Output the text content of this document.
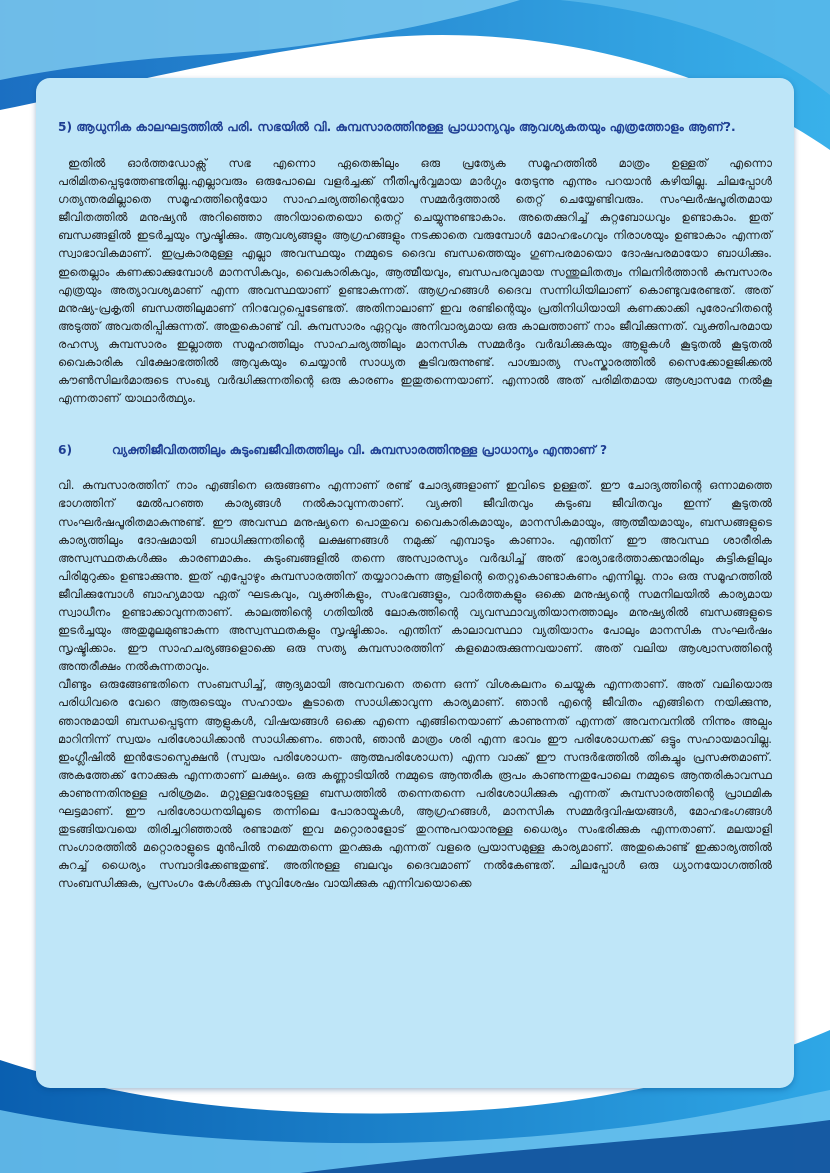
5) ആധുനിക കാലഘട്ടത്തിൽ പരി. സഭയിൽ വി. കുമ്പസാരത്തിനുള്ള പ്രാധാന്യവും ആവശ്യകതയും എത്രത്തോളം ആണ്?.

ഇതിൽ ഓർത്തഡോക്സ് സഭ എന്നൊ ഏതെങ്കിലും ഒരു പ്രത്യേക സമൂഹത്തിൽ മാത്രം ഉള്ളത് എന്നൊ പരിമിതപ്പെടുത്തേണ്ടതില്ല.എല്ലാവരും ഒരുപോലെ വളർച്ചക്ക് നീതിപൂർവ്വമായ മാർഗ്ഗം തേടുന്നു എന്നും പറയാൻ കഴിയില്ല. ചിലപ്പോൾ ഗത്യന്തരമില്ലാതെ സമൂഹത്തിന്റെയോ സാഹചര്യത്തിന്റെയോ സമ്മർദ്ദത്താൽ തെറ്റ് ചെയ്യേണ്ടിവരും. സംഘർഷപൂരിതമായ ജീവിതത്തിൽ മനുഷ്യൻ അറിഞ്ഞൊ അറിയാതെയൊ തെറ്റ് ചെയ്യുന്നുണ്ടാകാം. അതെക്കുറിച്ച് കുറ്റബോധവും ഉണ്ടാകാം. ഇത് ബന്ധങ്ങളിൽ ഇടർച്ചയും സൃഷ്ടിക്കും. ആവശ്യങ്ങളും ആഗ്രഹങ്ങളും നടക്കാതെ വരുമ്പോൾ മോഹഭംഗവും നിരാശയും ഉണ്ടാകാം എന്നത് സ്വാഭാവികമാണ്. ഇപ്രകാരമുള്ള എല്ലാ അവസ്ഥയും നമ്മുടെ ദൈവ ബന്ധത്തെയും ഗുണപരമായൊ ദോഷപരമായോ ബാധിക്കും. ഇതെല്ലാം കണക്കാക്കുമ്പോൾ മാനസികവും, വൈകാരികവും, ആത്മീയവും, ബന്ധപരവുമായ സന്തുലിതത്വം നിലനിർത്താൻ കുമ്പസാരം എത്രയും അത്യാവശ്യമാണ് എന്ന അവസ്ഥയാണ് ഉണ്ടാകുന്നത്. ആഗ്രഹങ്ങൾ ദൈവ സന്നിധിയിലാണ് കൊണ്ടുവരേണ്ടത്. അത് മനുഷ്യ-പ്രകൃതി ബന്ധത്തിലുമാണ് നിറവേറ്റപ്പെടേണ്ടത്. അതിനാലാണ് ഇവ രണ്ടിന്റെയും പ്രതിനിധിയായി കണക്കാക്കി പുരോഹിതന്റെ അടുത്ത് അവതരിപ്പിക്കുന്നത്. അതുകൊണ്ട് വി. കുമ്പസാരം ഏറ്റവും അനിവാര്യമായ ഒരു കാലത്താണ് നാം ജീവിക്കുന്നത്. വ്യക്തിപരമായ രഹസ്യ കുമ്പസാരം ഇല്ലാത്ത സമൂഹത്തിലും സാഹചര്യത്തിലും മാനസിക സമ്മർദ്ദം വർദ്ധിക്കുകയും ആളുകൾ കൂടുതൽ കൂടുതൽ വൈകാരിക വിക്ഷോഭത്തിൽ ആവുകയും ചെയ്യാൻ സാധ്യത കൂടിവരുന്നുണ്ട്. പാശ്ചാത്യ സംസ്കാരത്തിൽ സൈക്കോളജിക്കൽ കൗൺസിലർമാരുടെ സംഖ്യ വർദ്ധിക്കുന്നതിന്റെ ഒരു കാരണം ഇതുതന്നെയാണ്. എന്നാൽ അത് പരിമിതമായ ആശ്വാസമേ നൽകൂ എന്നതാണ് യാഥാർത്ഥ്യം.

6)	വ്യക്തിജീവിതത്തിലും കുടുംബജീവിതത്തിലും വി. കുമ്പസാരത്തിനുള്ള പ്രാധാന്യം എന്താണ് ?

വി. കുമ്പസാരത്തിന് നാം എങ്ങിനെ ഒരുങ്ങണം എന്നാണ് രണ്ട് ചോദ്യങ്ങളാണ് ഇവിടെ ഉള്ളത്. ഈ ചോദ്യത്തിന്റെ ഒന്നാമത്തെ ഭാഗത്തിന് മേൽപറഞ്ഞ കാര്യങ്ങൾ നൽകാവുന്നതാണ്. വ്യക്തി ജീവിതവും കുടുംബ ജീവിതവും ഇന്ന് കൂടുതൽ സംഘർഷപൂരിതമാകുന്നുണ്ട്. ഈ അവസ്ഥ മനുഷ്യനെ പൊതുവെ വൈകാരികമായും, മാനസികമായും, ആത്മീയമായും, ബന്ധങ്ങളുടെ കാര്യത്തിലും ദോഷമായി ബാധിക്കുന്നതിന്റെ ലക്ഷണങ്ങൾ നമുക്ക് എമ്പാടും കാണാം. എന്തിന് ഈ അവസ്ഥ ശാരീരിക അസ്വസ്ഥതകൾക്കും കാരണമാകും. കുടുംബങ്ങളിൽ തന്നെ അസ്വാരസ്യം വർദ്ധിച്ച് അത് ഭാര്യാഭർത്താക്കന്മാരിലും കുട്ടികളിലും പിരിമുറുക്കം ഉണ്ടാക്കുന്നു. ഇത് എപ്പോഴും കുമ്പസാരത്തിന് തയ്യാറാകുന്ന ആളിന്റെ തെറ്റുകൊണ്ടാകണം എന്നില്ല. നാം ഒരു സമൂഹത്തിൽ ജീവിക്കുമ്പോൾ ബാഹ്യമായ ഏത് ഘടകവും, വ്യക്തികളും, സംഭവങ്ങളും, വാർത്തകളും ഒക്കെ മനുഷ്യന്റെ സമനിലയിൽ കാര്യമായ സ്വാധീനം ഉണ്ടാക്കാവുന്നതാണ്. കാലത്തിന്റെ ഗതിയിൽ ലോകത്തിന്റെ വ്യവസ്ഥാവ്യതിയാനത്താലും മനുഷ്യരിൽ ബന്ധങ്ങളുടെ ഇടർച്ചയും അതുമൂലമുണ്ടാകുന്ന അസ്വസ്ഥതകളും സൃഷ്ടിക്കാം. എന്തിന് കാലാവസ്ഥാ വ്യതിയാനം പോലും മാനസിക സംഘർഷം സൃഷ്ടിക്കാം. ഈ സാഹചര്യങ്ങളൊക്കെ ഒരു സത്യ കുമ്പസാരത്തിന് കളമൊരുക്കുന്നവയാണ്. അത് വലിയ ആശ്വാസത്തിന്റെ അന്തരീക്ഷം നൽകുന്നതാവും.

വീണ്ടും ഒരുങ്ങേണ്ടതിനെ സംബന്ധിച്ച്, ആദ്യമായി അവനവനെ തന്നെ ഒന്ന് വിശകലനം ചെയ്യുക എന്നതാണ്. അത് വലിയൊരു പരിധിവരെ വേറെ ആരുടെയും സഹായം കൂടാതെ സാധിക്കാവുന്ന കാര്യമാണ്. ഞാൻ എന്റെ ജീവിതം എങ്ങിനെ നയിക്കുന്നു, ഞാനുമായി ബന്ധപ്പെടുന്ന ആളുകൾ, വിഷയങ്ങൾ ഒക്കെ എന്നെ എങ്ങിനെയാണ് കാണുന്നത് എന്നത് അവനവനിൽ നിന്നും അല്പം മാറിനിന്ന് സ്വയം പരിശോധിക്കാൻ സാധിക്കണം. ഞാൻ, ഞാൻ മാത്രം ശരി എന്ന ഭാവം ഈ പരിശോധനക്ക് ഒട്ടും സഹായമാവില്ല. ഇംഗ്ലീഷിൽ ഇൻട്രോസ്പെക്ഷൻ (സ്വയം പരിശോധന- ആത്മപരിശോധന) എന്ന വാക്ക് ഈ സന്ദർഭത്തിൽ തികച്ചും പ്രസക്തമാണ്. അകത്തേക്ക് നോക്കുക എന്നതാണ് ലക്ഷ്യം. ഒരു കണ്ണാടിയിൽ നമ്മുടെ ആന്തരീക രൂപം കാണുന്നതുപോലെ നമ്മുടെ ആന്തരികാവസ്ഥ കാണുന്നതിനുള്ള പരിശ്രമം. മറ്റുള്ളവരോടുള്ള ബന്ധത്തിൽ തന്നെതന്നെ പരിശോധിക്കുക എന്നത് കുമ്പസാരത്തിന്റെ പ്രാഥമിക ഘട്ടമാണ്. ഈ പരിശോധനയിലൂടെ തന്നിലെ പോരായ്മകൾ, ആഗ്രഹങ്ങൾ, മാനസിക സമ്മർദ്ദവിഷയങ്ങൾ, മോഹഭംഗങ്ങൾ തുടങ്ങിയവയെ തിരിച്ചറിഞ്ഞാൽ രണ്ടാമത് ഇവ മറ്റൊരാളോട് തുറന്നുപറയാനുള്ള ധൈര്യം സംഭരിക്കുക എന്നതാണ്. മലയാളി സംഗാരത്തിൽ മറ്റൊരാളുടെ മുൻപിൽ നമ്മെതന്നെ തുറക്കുക എന്നത് വളരെ പ്രയാസമുള്ള കാര്യമാണ്. അതുകൊണ്ട് ഇക്കാര്യത്തിൽ കുറച്ച് ധൈര്യം സമ്പാദിക്കേണ്ടതുണ്ട്. അതിനുള്ള ബലവും ദൈവമാണ് നൽകേണ്ടത്. ചിലപ്പോൾ ഒരു ധ്യാനയോഗത്തിൽ സംബന്ധിക്കുക, പ്രസംഗം കേൾക്കുക സുവിശേഷം വായിക്കുക എന്നിവയൊക്കെ
